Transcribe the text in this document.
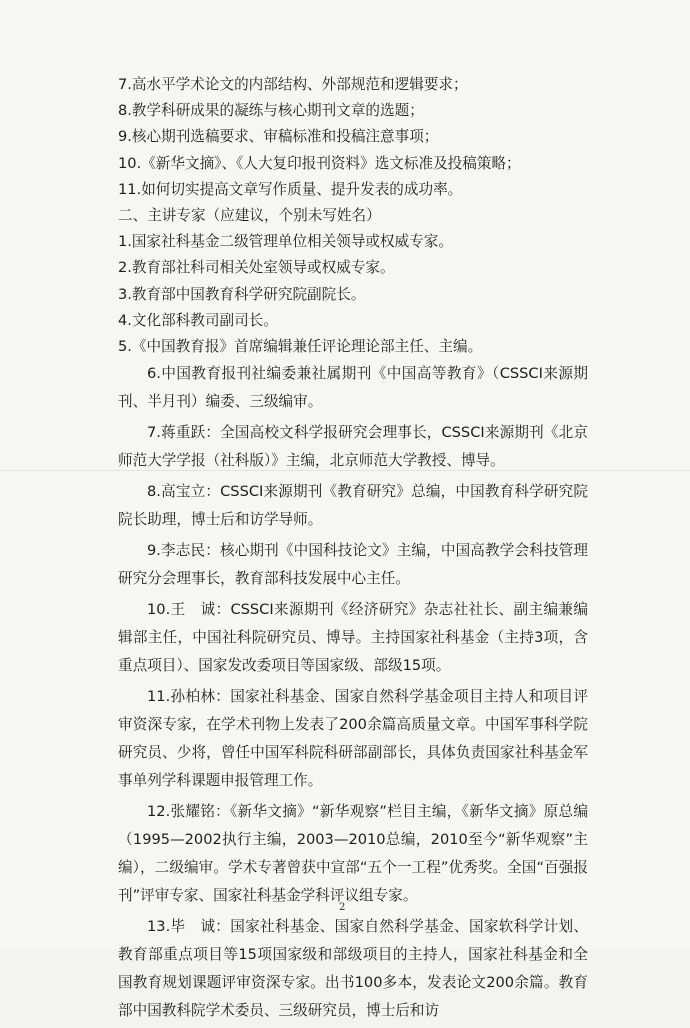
7.高水平学术论文的内部结构、外部规范和逻辑要求；
8.教学科研成果的凝练与核心期刊文章的选题；
9.核心期刊选稿要求、审稿标准和投稿注意事项；
10.《新华文摘》、《人大复印报刊资料》选文标准及投稿策略；
11.如何切实提高文章写作质量、提升发表的成功率。
二、主讲专家（应建议，个别未写姓名）
1.国家社科基金二级管理单位相关领导或权威专家。
2.教育部社科司相关处室领导或权威专家。
3.教育部中国教育科学研究院副院长。
4.文化部科教司副司长。
5.《中国教育报》首席编辑兼任评论理论部主任、主编。

6.中国教育报刊社编委兼社属期刊《中国高等教育》（CSSCI来源期刊、半月刊）编委、三级编审。

7.蒋重跃：全国高校文科学报研究会理事长，CSSCI来源期刊《北京师范大学学报（社科版）》主编，北京师范大学教授、博导。

8.高宝立：CSSCI来源期刊《教育研究》总编，中国教育科学研究院院长助理，博士后和访学导师。

9.李志民：核心期刊《中国科技论文》主编，中国高教学会科技管理研究分会理事长，教育部科技发展中心主任。

10.王　诚：CSSCI来源期刊《经济研究》杂志社社长、副主编兼编辑部主任，中国社科院研究员、博导。主持国家社科基金（主持3项，含重点项目）、国家发改委项目等国家级、部级15项。

11.孙柏林：国家社科基金、国家自然科学基金项目主持人和项目评审资深专家，在学术刊物上发表了200余篇高质量文章。中国军事科学院研究员、少将，曾任中国军科院科研部副部长，具体负责国家社科基金军事单列学科课题申报管理工作。

12.张耀铭：《新华文摘》“新华观察”栏目主编，《新华文摘》原总编（1995—2002执行主编，2003—2010总编，2010至今“新华观察”主编），二级编审。学术专著曾获中宣部“五个一工程”优秀奖。全国“百强报刊”评审专家、国家社科基金学科评议组专家。

13.毕　诚：国家社科基金、国家自然科学基金、国家软科学计划、教育部重点项目等15项国家级和部级项目的主持人，国家社科基金和全国教育规划课题评审资深专家。出书100多本，发表论文200余篇。教育部中国教科院学术委员、三级研究员，博士后和访

2
